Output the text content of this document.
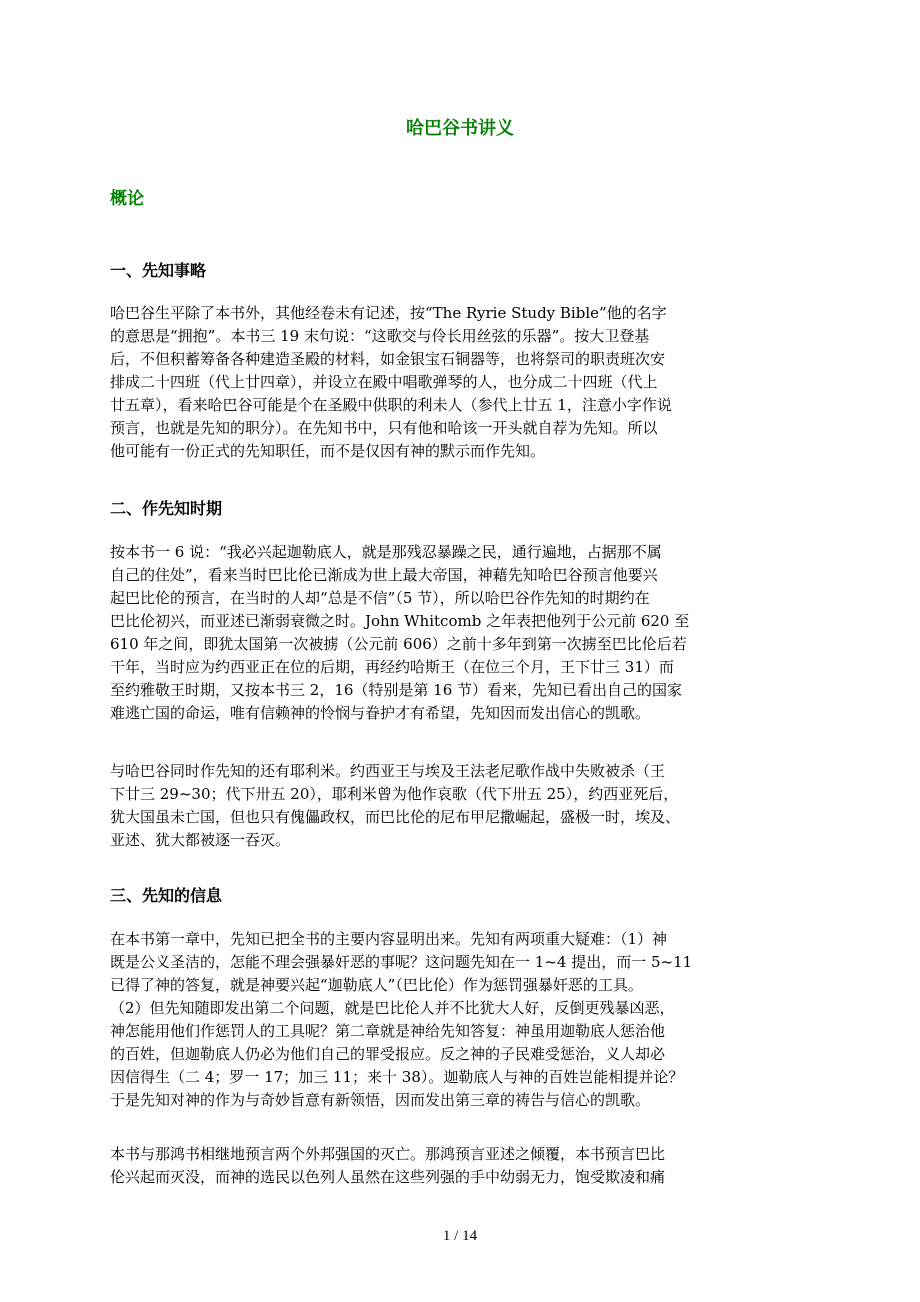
哈巴谷书讲义
概论
一、先知事略
哈巴谷生平除了本书外，其他经卷未有记述，按“The Ryrie Study Bible”他的名字
的意思是“拥抱”。本书三 19 末句说：“这歌交与伶长用丝弦的乐器”。按大卫登基
后，不但积蓄筹备各种建造圣殿的材料，如金银宝石铜器等，也将祭司的职责班次安
排成二十四班（代上廿四章），并设立在殿中唱歌弹琴的人，也分成二十四班（代上
廿五章），看来哈巴谷可能是个在圣殿中供职的利未人（参代上廿五 1，注意小字作说
预言，也就是先知的职分）。在先知书中，只有他和哈该一开头就自荐为先知。所以
他可能有一份正式的先知职任，而不是仅因有神的默示而作先知。
二、作先知时期
按本书一 6 说：“我必兴起迦勒底人，就是那残忍暴躁之民，通行遍地，占据那不属
自己的住处”，看来当时巴比伦已渐成为世上最大帝国，神藉先知哈巴谷预言他要兴
起巴比伦的预言，在当时的人却“总是不信”（5 节），所以哈巴谷作先知的时期约在
巴比伦初兴，而亚述已渐弱衰微之时。John Whitcomb 之年表把他列于公元前 620 至
610 年之间，即犹太国第一次被掳（公元前 606）之前十多年到第一次掳至巴比伦后若
干年，当时应为约西亚正在位的后期，再经约哈斯王（在位三个月，王下廿三 31）而
至约雅敬王时期，又按本书三 2，16（特别是第 16 节）看来，先知已看出自己的国家
难逃亡国的命运，唯有信赖神的怜悯与眷护才有希望，先知因而发出信心的凯歌。
与哈巴谷同时作先知的还有耶利米。约西亚王与埃及王法老尼歌作战中失败被杀（王
下廿三 29~30；代下卅五 20），耶利米曾为他作哀歌（代下卅五 25），约西亚死后，
犹大国虽未亡国，但也只有傀儡政权，而巴比伦的尼布甲尼撒崛起，盛极一时，埃及、
亚述、犹大都被逐一吞灭。
三、先知的信息
在本书第一章中，先知已把全书的主要内容显明出来。先知有两项重大疑难：（1）神
既是公义圣洁的，怎能不理会强暴奸恶的事呢？这问题先知在一 1~4 提出，而一 5~11
已得了神的答复，就是神要兴起“迦勒底人”（巴比伦）作为惩罚强暴奸恶的工具。
（2）但先知随即发出第二个问题，就是巴比伦人并不比犹大人好，反倒更残暴凶恶，
神怎能用他们作惩罚人的工具呢？第二章就是神给先知答复：神虽用迦勒底人惩治他
的百姓，但迦勒底人仍必为他们自己的罪受报应。反之神的子民难受惩治，义人却必
因信得生（二 4；罗一 17；加三 11；来十 38）。迦勒底人与神的百姓岂能相提并论？
于是先知对神的作为与奇妙旨意有新领悟，因而发出第三章的祷告与信心的凯歌。
本书与那鸿书相继地预言两个外邦强国的灭亡。那鸿预言亚述之倾覆，本书预言巴比
伦兴起而灭没，而神的选民以色列人虽然在这些列强的手中幼弱无力，饱受欺凌和痛
1 / 14
